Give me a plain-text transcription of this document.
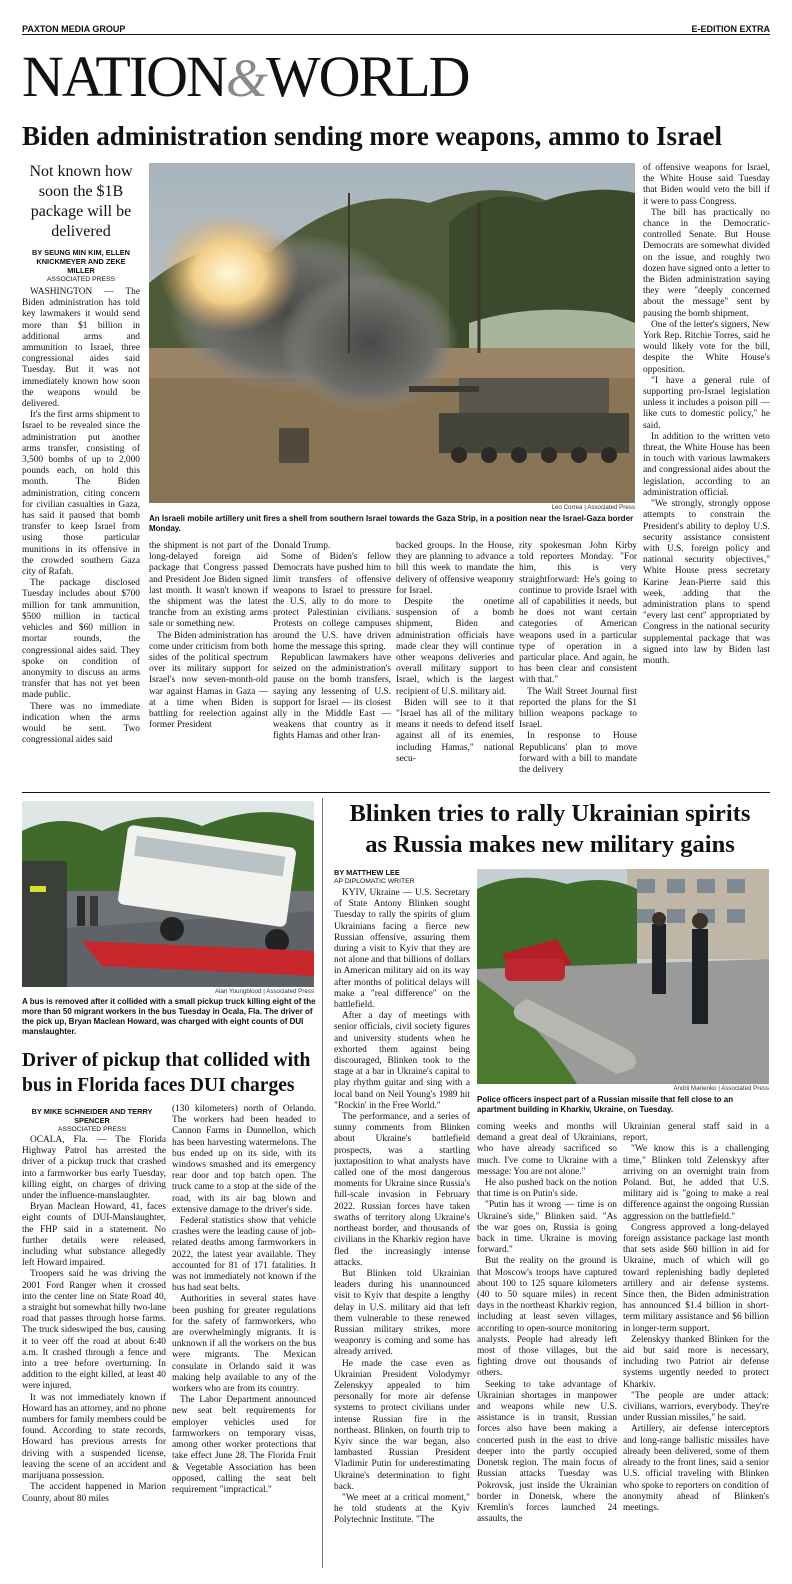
PAXTON MEDIA GROUP	E-EDITION EXTRA
NATION&WORLD
Biden administration sending more weapons, ammo to Israel
Not known how soon the $1B package will be delivered
BY SEUNG MIN KIM, ELLEN KNICKMEYER AND ZEKE MILLER
ASSOCIATED PRESS

WASHINGTON — The Biden administration has told key lawmakers it would send more than $1 billion in additional arms and ammunition to Israel, three congressional aides said Tuesday. But it was not immediately known how soon the weapons would be delivered.

It's the first arms shipment to Israel to be revealed since the administration put another arms transfer, consisting of 3,500 bombs of up to 2,000 pounds each, on hold this month. The Biden administration, citing concern for civilian casualties in Gaza, has said it paused that bomb transfer to keep Israel from using those particular munitions in its offensive in the crowded southern Gaza city of Rafah.

The package disclosed Tuesday includes about $700 million for tank ammunition, $500 million in tactical vehicles and $60 million in mortar rounds, the congressional aides said. They spoke on condition of anonymity to discuss an arms transfer that has not yet been made public.

There was no immediate indication when the arms would be sent. Two congressional aides said

Leo Correa | Associated Press
An Israeli mobile artillery unit fires a shell from southern Israel towards the Gaza Strip, in a position near the Israel-Gaza border Monday.

the shipment is not part of the long-delayed foreign aid package that Congress passed and President Joe Biden signed last month. It wasn't known if the shipment was the latest tranche from an existing arms sale or something new.

The Biden administration has come under criticism from both sides of the political spectrum over its military support for Israel's now seven-month-old war against Hamas in Gaza — at a time when Biden is battling for reelection against former President

Donald Trump.

Some of Biden's fellow Democrats have pushed him to limit transfers of offensive weapons to Israel to pressure the U.S. ally to do more to protect Palestinian civilians. Protests on college campuses around the U.S. have driven home the message this spring.

Republican lawmakers have seized on the administration's pause on the bomb transfers, saying any lessening of U.S. support for Israel — its closest ally in the Middle East — weakens that country as it fights Hamas and other Iran-

backed groups. In the House, they are planning to advance a bill this week to mandate the delivery of offensive weaponry for Israel.

Despite the onetime suspension of a bomb shipment, Biden and administration officials have made clear they will continue other weapons deliveries and overall military support to Israel, which is the largest recipient of U.S. military aid.

Biden will see to it that "Israel has all of the military means it needs to defend itself against all of its enemies, including Hamas," national secu-

rity spokesman John Kirby told reporters Monday. "For him, this is very straightforward: He's going to continue to provide Israel with all of capabilities it needs, but he does not want certain categories of American weapons used in a particular type of operation in a particular place. And again, he has been clear and consistent with that."

The Wall Street Journal first reported the plans for the $1 billion weapons package to Israel.

In response to House Republicans' plan to move forward with a bill to mandate the delivery

of offensive weapons for Israel, the White House said Tuesday that Biden would veto the bill if it were to pass Congress.

The bill has practically no chance in the Democratic-controlled Senate. But House Democrats are somewhat divided on the issue, and roughly two dozen have signed onto a letter to the Biden administration saying they were "deeply concerned about the message" sent by pausing the bomb shipment.

One of the letter's signers, New York Rep. Ritchie Torres, said he would likely vote for the bill, despite the White House's opposition.

"I have a general rule of supporting pro-Israel legislation unless it includes a poison pill — like cuts to domestic policy," he said.

In addition to the written veto threat, the White House has been in touch with various lawmakers and congressional aides about the legislation, according to an administration official.

"We strongly, strongly oppose attempts to constrain the President's ability to deploy U.S. security assistance consistent with U.S. foreign policy and national security objectives," White House press secretary Karine Jean-Pierre said this week, adding that the administration plans to spend "every last cent" appropriated by Congress in the national security supplemental package that was signed into law by Biden last month.

Alan Youngblood | Associated Press
A bus is removed after it collided with a small pickup truck killing eight of the more than 50 migrant workers in the bus Tuesday in Ocala, Fla. The driver of the pick up, Bryan Maclean Howard, was charged with eight counts of DUI manslaughter.
Driver of pickup that collided with bus in Florida faces DUI charges
BY MIKE SCHNEIDER AND TERRY SPENCER
ASSOCIATED PRESS

OCALA, Fla. — The Florida Highway Patrol has arrested the driver of a pickup truck that crashed into a farmworker bus early Tuesday, killing eight, on charges of driving under the influence-manslaughter.

Bryan Maclean Howard, 41, faces eight counts of DUI-Manslaughter, the FHP said in a statement. No further details were released, including what substance allegedly left Howard impaired.

Troopers said he was driving the 2001 Ford Ranger when it crossed into the center line on State Road 40, a straight but somewhat hilly two-lane road that passes through horse farms. The truck sideswiped the bus, causing it to veer off the road at about 6:40 a.m. It crashed through a fence and into a tree before overturning. In addition to the eight killed, at least 40 were injured.

It was not immediately known if Howard has an attorney, and no phone numbers for family members could be found. According to state records, Howard has previous arrests for driving with a suspended license, leaving the scene of an accident and marijuana possession.

The accident happened in Marion County, about 80 miles

(130 kilometers) north of Orlando. The workers had been headed to Cannon Farms in Dunnellon, which has been harvesting watermelons. The bus ended up on its side, with its windows smashed and its emergency rear door and top batch open. The truck came to a stop at the side of the road, with its air bag blown and extensive damage to the driver's side.

Federal statistics show that vehicle crashes were the leading cause of job-related deaths among farmworkers in 2022, the latest year available. They accounted for 81 of 171 fatalities. It was not immediately not known if the bus had seat belts.

Authorities in several states have been pushing for greater regulations for the safety of farmworkers, who are overwhelmingly migrants. It is unknown if all the workers on the bus were migrants. The Mexican consulate in Orlando said it was making help available to any of the workers who are from its country.

The Labor Department announced new seat belt requirements for employer vehicles used for farmworkers on temporary visas, among other worker protections that take effect June 28. The Florida Fruit & Vegetable Association has been opposed, calling the seat belt requirement "impractical."

Blinken tries to rally Ukrainian spirits
as Russia makes new military gains
BY MATTHEW LEE
AP DIPLOMATIC WRITER

KYIV, Ukraine — U.S. Secretary of State Antony Blinken sought Tuesday to rally the spirits of glum Ukrainians facing a fierce new Russian offensive, assuring them during a visit to Kyiv that they are not alone and that billions of dollars in American military aid on its way after months of political delays will make a "real difference" on the battlefield.

After a day of meetings with senior officials, civil society figures and university students when he exhorted them against being discouraged, Blinken took to the stage at a bar in Ukraine's capital to play rhythm guitar and sing with a local band on Neil Young's 1989 hit "Rockin' in the Free World."

The performance, and a series of sunny comments from Blinken about Ukraine's battlefield prospects, was a startling juxtaposition to what analysts have called one of the most dangerous moments for Ukraine since Russia's full-scale invasion in February 2022. Russian forces have taken swaths of territory along Ukraine's northeast border, and thousands of civilians in the Kharkiv region have fled the increasingly intense attacks.

But Blinken told Ukrainian leaders during his unannounced visit to Kyiv that despite a lengthy delay in U.S. military aid that left them vulnerable to these renewed Russian military strikes, more weaponry is coming and some has already arrived.

He made the case even as Ukrainian President Volodymyr Zelenskyy appealed to him personally for more air defense systems to protect civilians under intense Russian fire in the northeast. Blinken, on fourth trip to Kyiv since the war began, also lambasted Russian President Vladimir Putin for underestimating Ukraine's determination to fight back.

"We meet at a critical moment," he told students at the Kyiv Polytechnic Institute. "The

Andrii Marienko | Associated Press
Police officers inspect part of a Russian missile that fell close to an apartment building in Kharkiv, Ukraine, on Tuesday.

coming weeks and months will demand a great deal of Ukrainians, who have already sacrificed so much. I've come to Ukraine with a message: You are not alone."

He also pushed back on the notion that time is on Putin's side.

"Putin has it wrong — time is on Ukraine's side," Blinken said. "As the war goes on, Russia is going back in time. Ukraine is moving forward."

But the reality on the ground is that Moscow's troops have captured about 100 to 125 square kilometers (40 to 50 square miles) in recent days in the northeast Kharkiv region, including at least seven villages, according to open-source monitoring analysts. People had already left most of those villages, but the fighting drove out thousands of others.

Seeking to take advantage of Ukrainian shortages in manpower and weapons while new U.S. assistance is in transit, Russian forces also have been making a concerted push in the east to drive deeper into the partly occupied Donetsk region. The main focus of Russian attacks Tuesday was Pokrovsk, just inside the Ukrainian border in Donetsk, where the Kremlin's forces launched 24 assaults, the

Ukrainian general staff said in a report.

"We know this is a challenging time," Blinken told Zelenskyy after arriving on an overnight train from Poland. But, he added that U.S. military aid is "going to make a real difference against the ongoing Russian aggression on the battlefield."

Congress approved a long-delayed foreign assistance package last month that sets aside $60 billion in aid for Ukraine, much of which will go toward replenishing badly depleted artillery and air defense systems. Since then, the Biden administration has announced $1.4 billion in short-term military assistance and $6 billion in longer-term support.

Zelenskyy thanked Blinken for the aid but said more is necessary, including two Patriot air defense systems urgently needed to protect Kharkiv.

"The people are under attack: civilians, warriors, everybody. They're under Russian missiles," he said.

Artillery, air defense interceptors and long-range ballistic missiles have already been delivered, some of them already to the front lines, said a senior U.S. official traveling with Blinken who spoke to reporters on condition of anonymity ahead of Blinken's meetings.
